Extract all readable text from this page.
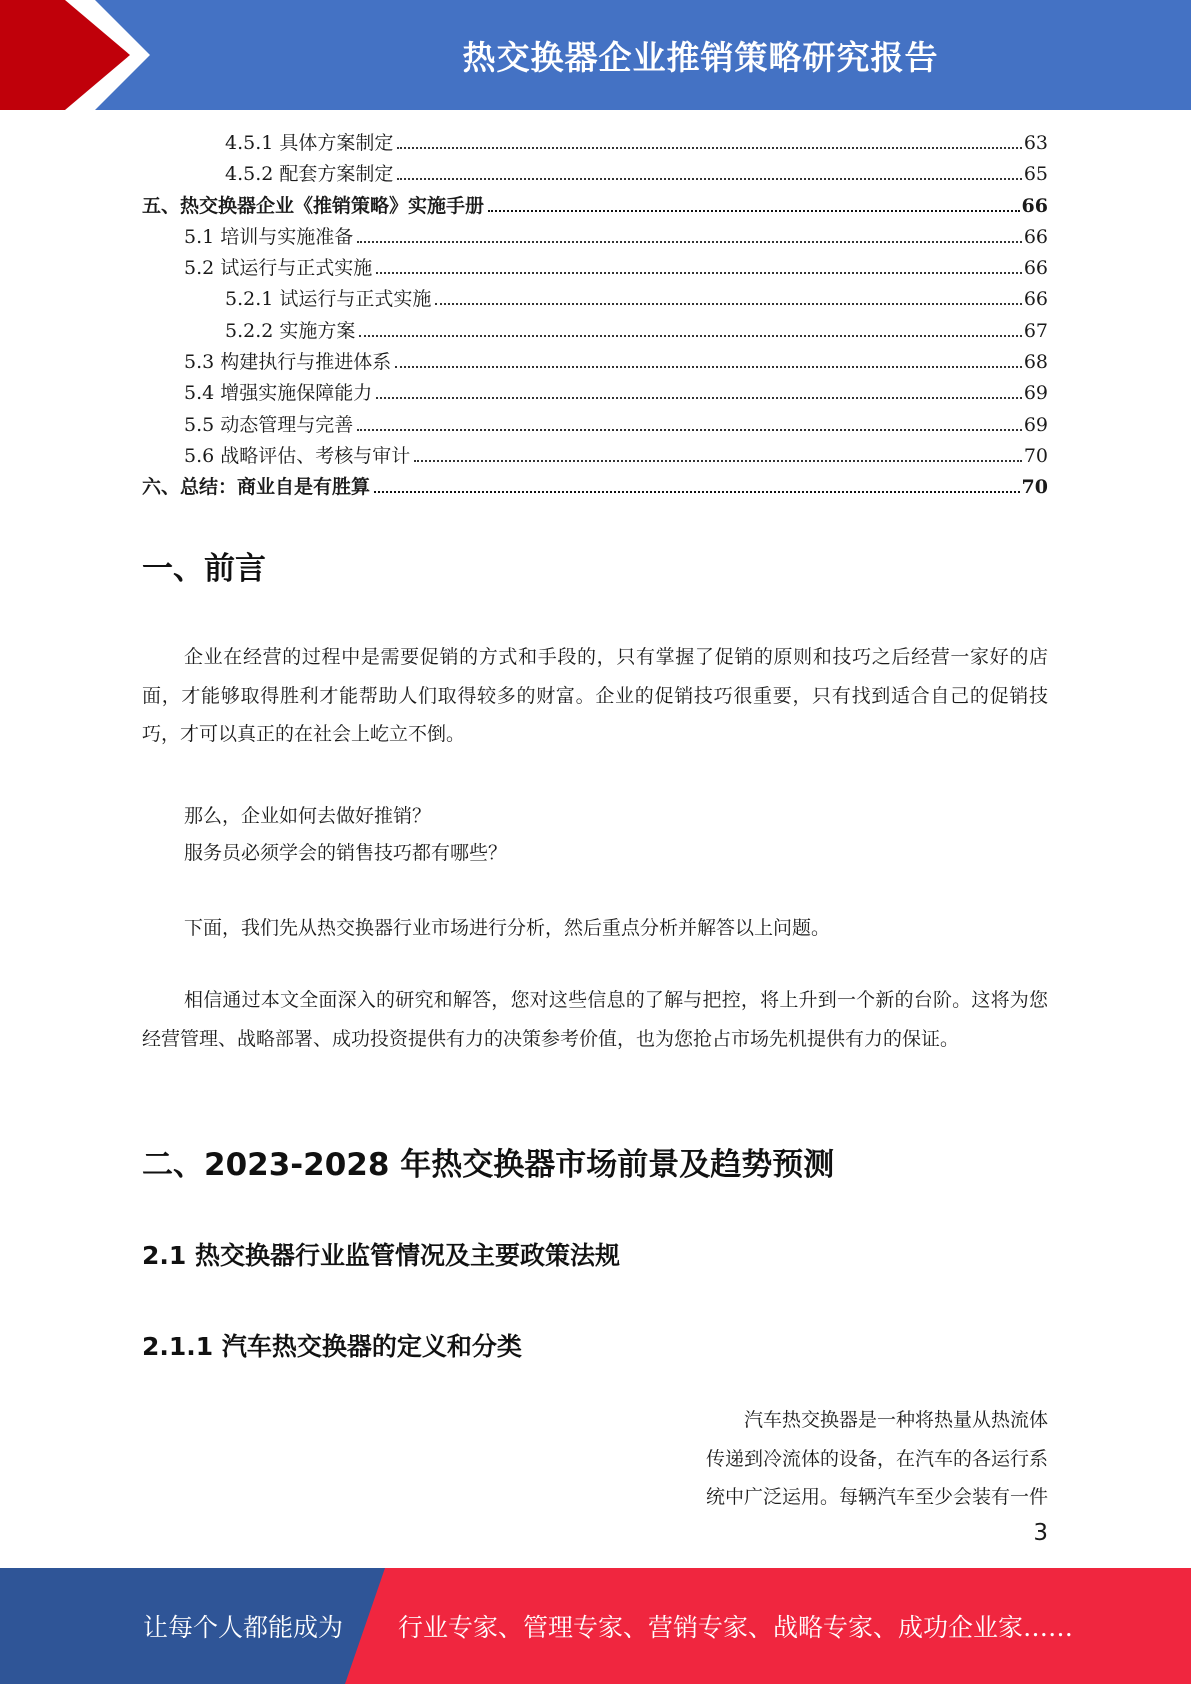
热交换器企业推销策略研究报告
4.5.1 具体方案制定	63
4.5.2 配套方案制定	65
五、热交换器企业《推销策略》实施手册	66
5.1 培训与实施准备	66
5.2 试运行与正式实施	66
5.2.1 试运行与正式实施	66
5.2.2 实施方案	67
5.3 构建执行与推进体系	68
5.4 增强实施保障能力	69
5.5 动态管理与完善	69
5.6 战略评估、考核与审计	70
六、总结：商业自是有胜算	70
一、前言
企业在经营的过程中是需要促销的方式和手段的，只有掌握了促销的原则和技巧之后经营一家好的店面，才能够取得胜利才能帮助人们取得较多的财富。企业的促销技巧很重要，只有找到适合自己的促销技巧，才可以真正的在社会上屹立不倒。
那么，企业如何去做好推销？
服务员必须学会的销售技巧都有哪些？
下面，我们先从热交换器行业市场进行分析，然后重点分析并解答以上问题。
相信通过本文全面深入的研究和解答，您对这些信息的了解与把控，将上升到一个新的台阶。这将为您经营管理、战略部署、成功投资提供有力的决策参考价值，也为您抢占市场先机提供有力的保证。
二、2023-2028 年热交换器市场前景及趋势预测
2.1 热交换器行业监管情况及主要政策法规
2.1.1 汽车热交换器的定义和分类
汽车热交换器是一种将热量从热流体
传递到冷流体的设备，在汽车的各运行系
统中广泛运用。每辆汽车至少会装有一件
3
让每个人都能成为 行业专家、管理专家、营销专家、战略专家、成功企业家……
